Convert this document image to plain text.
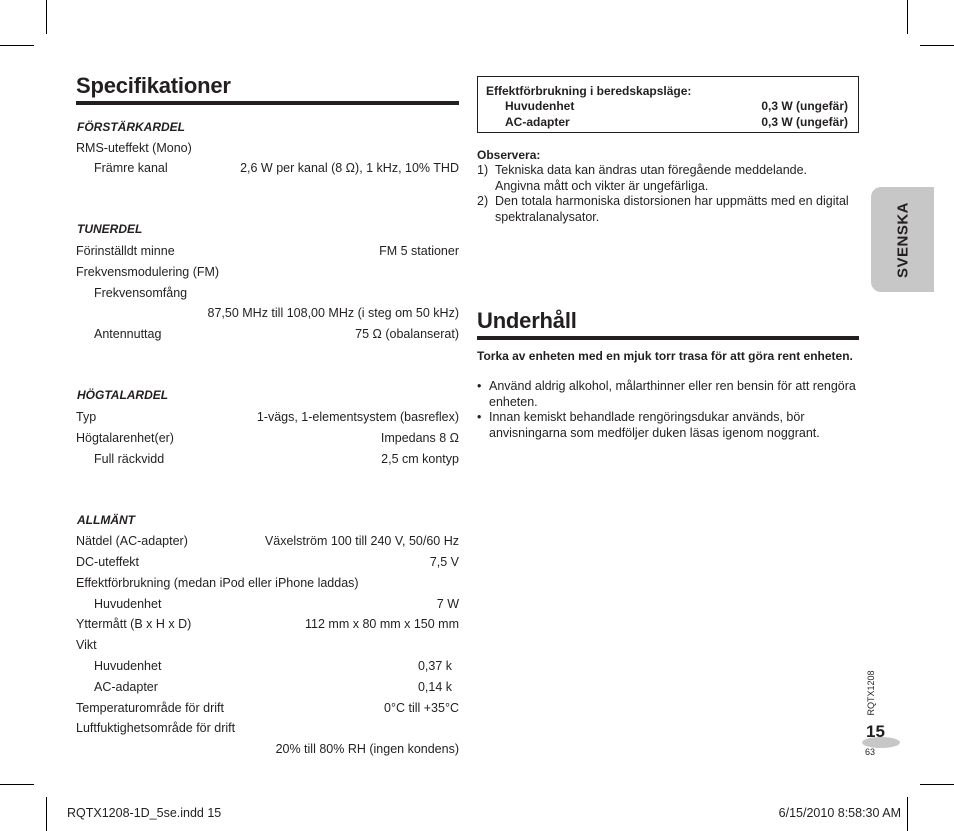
Specifikationer
FÖRSTÄRKARDEL
RMS-uteffekt (Mono)
Främre kanal	2,6 W per kanal (8 Ω), 1 kHz, 10% THD
TUNERDEL
Förinställdt minne	FM 5 stationer
Frekvensmodulering (FM)
Frekvensomfång
87,50 MHz till 108,00 MHz (i steg om 50 kHz)
Antennuttag	75 Ω (obalanserat)
HÖGTALARDEL
Typ	1-vägs, 1-elementsystem (basreflex)
Högtalarenhet(er)	Impedans 8 Ω
Full räckvidd	2,5 cm kontyp
ALLMÄNT
Nätdel (AC-adapter)	Växelström 100 till 240 V, 50/60 Hz
DC-uteffekt	7,5 V
Effektförbrukning (medan iPod eller iPhone laddas)
Huvudenhet	7 W
Yttermått (B x H x D)	112 mm x 80 mm x 150 mm
Vikt
Huvudenhet	0,37 k
AC-adapter	0,14 k
Temperaturområde för drift	0°C till +35°C
Luftfuktighetsområde för drift
20% till 80% RH (ingen kondens)
Effektförbrukning i beredskapsläge:
Huvudenhet	0,3 W (ungefär)
AC-adapter	0,3 W (ungefär)
Observera:
1) Tekniska data kan ändras utan föregående meddelande. Angivna mått och vikter är ungefärliga.
2) Den totala harmoniska distorsionen har uppmätts med en digital spektralanalysator.
Underhåll
Torka av enheten med en mjuk torr trasa för att göra rent enheten.
• Använd aldrig alkohol, målarthinner eller ren bensin för att rengöra enheten.
• Innan kemiskt behandlade rengöringsdukar används, bör anvisningarna som medföljer duken läsas igenom noggrant.
SVENSKA
RQTX1208
15
63
RQTX1208-1D_5se.indd 15	6/15/2010 8:58:30 AM
